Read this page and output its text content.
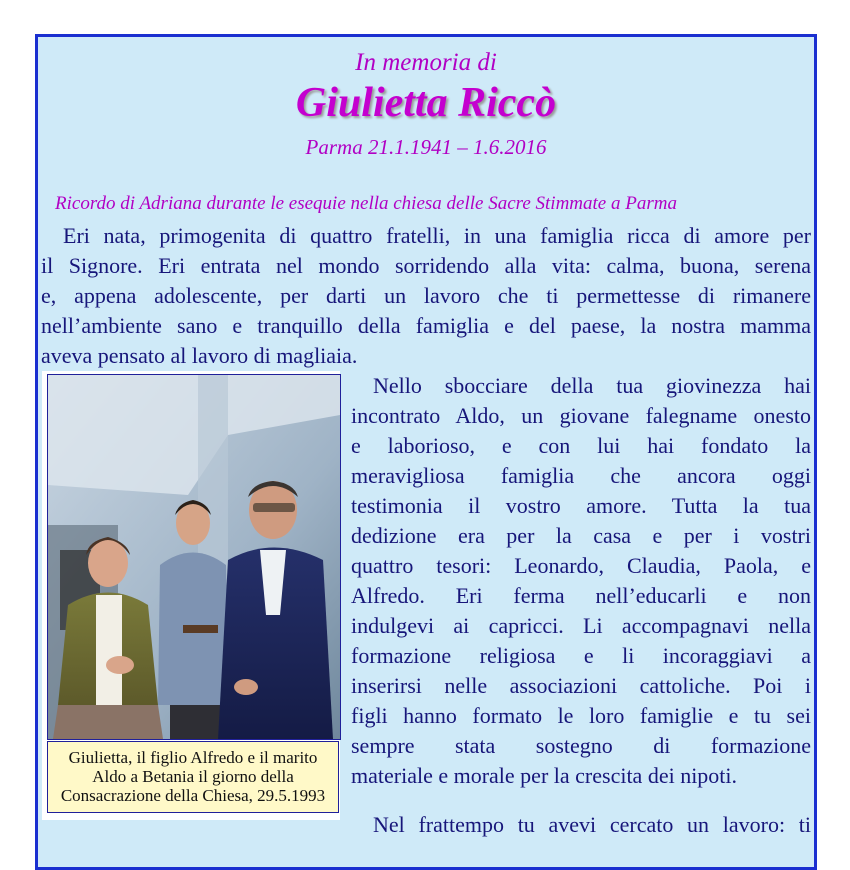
In memoria di
Giulietta Riccò
Parma 21.1.1941 – 1.6.2016
Ricordo di Adriana durante le esequie nella chiesa delle Sacre Stimmate a Parma
Eri nata, primogenita di quattro fratelli, in una famiglia ricca di amore per
il Signore. Eri entrata nel mondo sorridendo alla vita: calma, buona, serena
e, appena adolescente, per darti un lavoro che ti permettesse di rimanere
nell’ambiente sano e tranquillo della famiglia e del paese, la nostra mamma
aveva pensato al lavoro di magliaia.
Giulietta, il figlio Alfredo e il marito
Aldo a Betania il giorno della
Consacrazione della Chiesa, 29.5.1993
Nello sbocciare della tua giovinezza hai
incontrato Aldo, un giovane falegname onesto
e laborioso, e con lui hai fondato la
meravigliosa famiglia che ancora oggi
testimonia il vostro amore. Tutta la tua
dedizione era per la casa e per i vostri
quattro tesori: Leonardo, Claudia, Paola, e
Alfredo. Eri ferma nell’educarli e non
indulgevi ai capricci. Li accompagnavi nella
formazione religiosa e li incoraggiavi a
inserirsi nelle associazioni cattoliche. Poi i
figli hanno formato le loro famiglie e tu sei
sempre stata sostegno di formazione
materiale e morale per la crescita dei nipoti.
Nel frattempo tu avevi cercato un lavoro: ti
